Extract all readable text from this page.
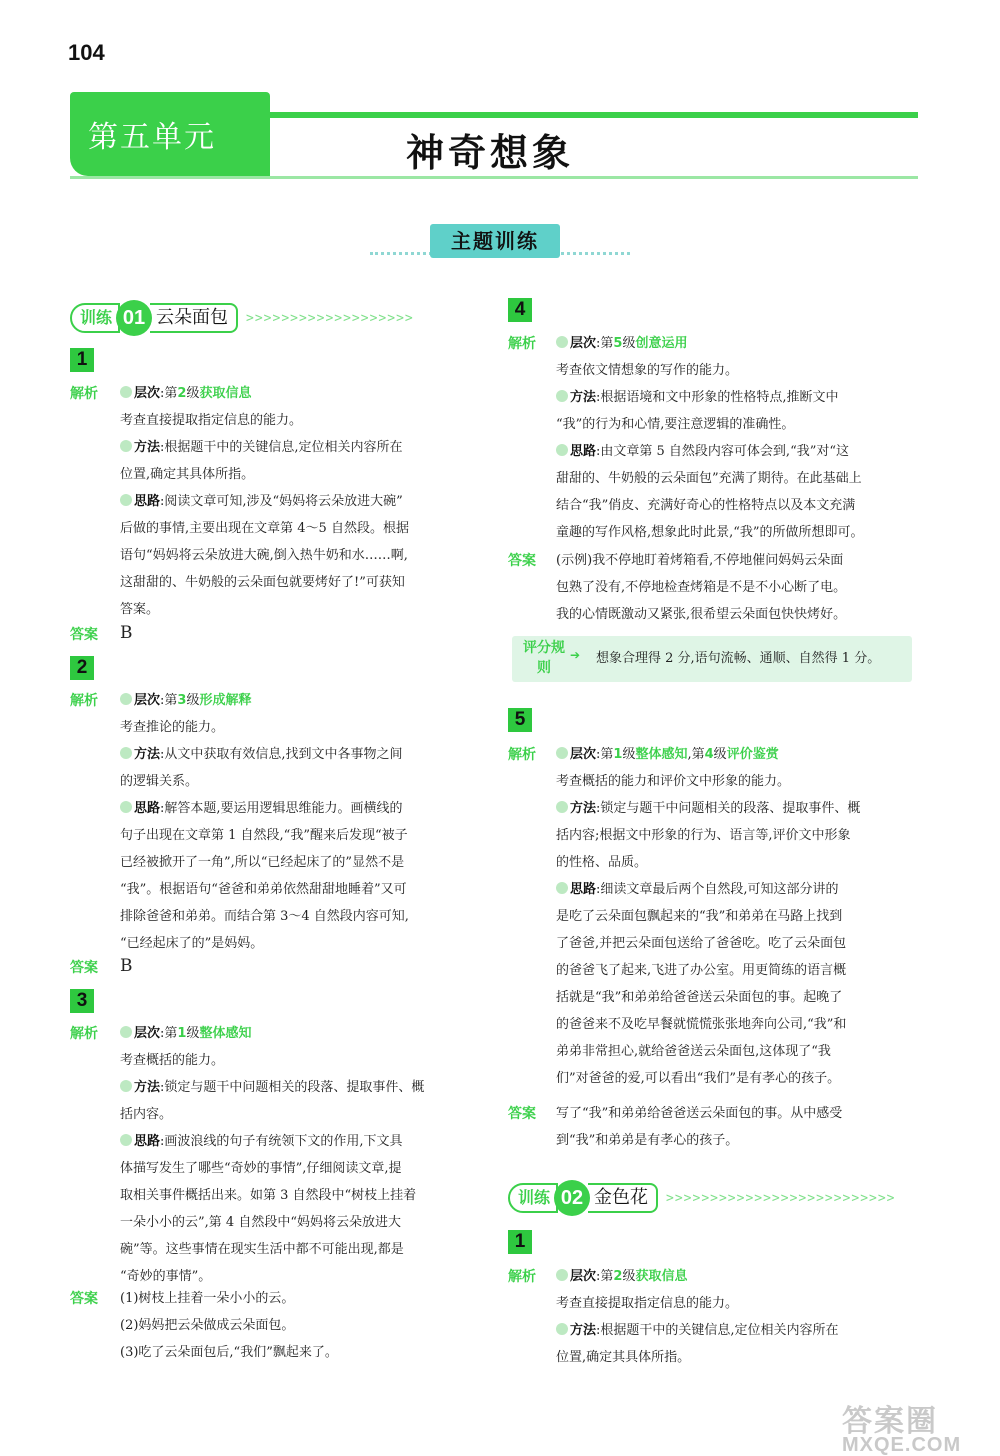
104
第五单元	神奇想象
主题训练
训练 01 云朵面包	>>>>>>>>>>>>>>>>>>>
1
解析	层次:第2级获取信息
考查直接提取指定信息的能力。
方法:根据题干中的关键信息,定位相关内容所在
位置,确定其具体所指。
思路:阅读文章可知,涉及“妈妈将云朵放进大碗”
后做的事情,主要出现在文章第 4～5 自然段。根据
语句“妈妈将云朵放进大碗,倒入热牛奶和水……啊,
这甜甜的、牛奶般的云朵面包就要烤好了!”可获知
答案。
答案 B
2
解析	层次:第3级形成解释
考查推论的能力。
方法:从文中获取有效信息,找到文中各事物之间
的逻辑关系。
思路:解答本题,要运用逻辑思维能力。画横线的
句子出现在文章第 1 自然段,“我”醒来后发现“被子
已经被掀开了一角”,所以“已经起床了的”显然不是
“我”。根据语句“爸爸和弟弟依然甜甜地睡着”又可
排除爸爸和弟弟。而结合第 3～4 自然段内容可知,
“已经起床了的”是妈妈。
答案 B
3
解析	层次:第1级整体感知
考查概括的能力。
方法:锁定与题干中问题相关的段落、提取事件、概
括内容。
思路:画波浪线的句子有统领下文的作用,下文具
体描写发生了哪些“奇妙的事情”,仔细阅读文章,提
取相关事件概括出来。如第 3 自然段中“树枝上挂着
一朵小小的云”,第 4 自然段中“妈妈将云朵放进大
碗”等。这些事情在现实生活中都不可能出现,都是
“奇妙的事情”。
答案 (1)树枝上挂着一朵小小的云。
(2)妈妈把云朵做成云朵面包。
(3)吃了云朵面包后,“我们”飘起来了。
4
解析	层次:第5级创意运用
考查依文情想象的写作的能力。
方法:根据语境和文中形象的性格特点,推断文中
“我”的行为和心情,要注意逻辑的准确性。
思路:由文章第 5 自然段内容可体会到,“我”对“这
甜甜的、牛奶般的云朵面包”充满了期待。在此基础上
结合“我”俏皮、充满好奇心的性格特点以及本文充满
童趣的写作风格,想象此时此景,“我”的所做所想即可。
答案 (示例)我不停地盯着烤箱看,不停地催问妈妈云朵面
包熟了没有,不停地检查烤箱是不是不小心断了电。
我的心情既激动又紧张,很希望云朵面包快快烤好。
评分规则
➔ 想象合理得 2 分,语句流畅、通顺、自然得 1 分。
5
解析	层次:第1级整体感知,第4级评价鉴赏
考查概括的能力和评价文中形象的能力。
方法:锁定与题干中问题相关的段落、提取事件、概
括内容;根据文中形象的行为、语言等,评价文中形象
的性格、品质。
思路:细读文章最后两个自然段,可知这部分讲的
是吃了云朵面包飘起来的“我”和弟弟在马路上找到
了爸爸,并把云朵面包送给了爸爸吃。吃了云朵面包
的爸爸飞了起来,飞进了办公室。用更简练的语言概
括就是“我”和弟弟给爸爸送云朵面包的事。起晚了
的爸爸来不及吃早餐就慌慌张张地奔向公司,“我”和
弟弟非常担心,就给爸爸送云朵面包,这体现了“我
们”对爸爸的爱,可以看出“我们”是有孝心的孩子。
答案 写了“我”和弟弟给爸爸送云朵面包的事。从中感受
到“我”和弟弟是有孝心的孩子。
训练 02 金色花	>>>>>>>>>>>>>>>>>>>>>>>>>>
1
解析	层次:第2级获取信息
考查直接提取指定信息的能力。
方法:根据题干中的关键信息,定位相关内容所在
位置,确定其具体所指。
答案圈
MXQE.COM
